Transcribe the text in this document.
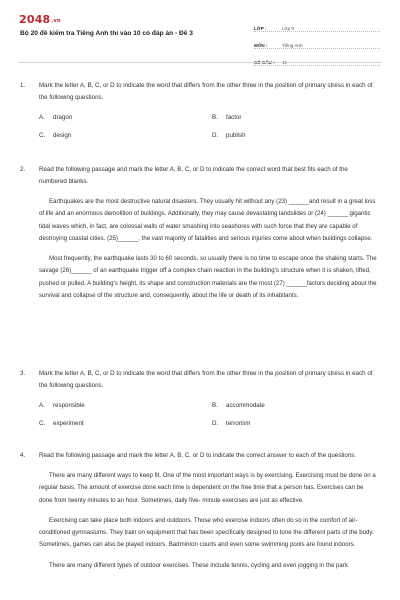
2048.vn
Bộ 20 đề kiểm tra Tiếng Anh thi vào 10 có đáp án - Đề 3
LỚP :	Lớp 9
MÔN :	Tiếng Anh
SỐ CÂU :	42
1.	Mark the letter A, B, C, or D to indicate the word that differs from the other three in the position of primary stress in each of the following questions.
A. dragon	B. factor
C. design	D. publish
2.	Read the following passage and mark the letter A, B, C, or D to indicate the correct word that best fits each of the numbered blanks.
Earthquakes are the most destructive natural disasters. They usually hit without any (23) ______and result in a great loss of life and an enormous demolition of buildings. Additionally, they may cause devastating landslides or (24) ______ gigantic tidal waves which, in fact, are colossal walls of water smashing into seashores with such force that they are capable of destroying coastal cities. (25)______, the vast majority of fatalities and serious injuries come about when buildings collapse.
Most frequently, the earthquake lasts 30 to 60 seconds, so usually there is no time to escape once the shaking starts. The savage (26)______ of an earthquake trigger off a complex chain reaction in the building's structure when it is shaken, lifted, pushed or pulled. A building's height, its shape and construction materials are the most (27) ______factors deciding about the survival and collapse of the structure and, consequently, about the life or death of its inhabitants.
3.	Mark the letter A, B, C, or D to indicate the word that differs from the other three in the position of primary stress in each of the following questions.
A. responsible	B. accommodate
C. experiment	D. terrorism
4.	Read the following passage and mark the letter A, B, C, or D to indicate the correct answer to each of the questions.
There are many different ways to keep fit. One of the most important ways is by exercising. Exercising must be done on a regular basis. The amount of exercise done each time is dependent on the free time that a person has. Exercises can be done from twenty minutes to an hour. Sometimes, daily five- minute exercises are just as effective.
Exercising can take place both indoors and outdoors. Those who exercise indoors often do so in the comfort of air-conditioned gymnasiums. They train on equipment that has been specifically designed to tone the different parts of the body. Sometimes, games can also be played indoors. Badminton courts and even some swimming pools are found indoors.
There are many different types of outdoor exercises. These include tennis, cycling and even jogging in the park.
